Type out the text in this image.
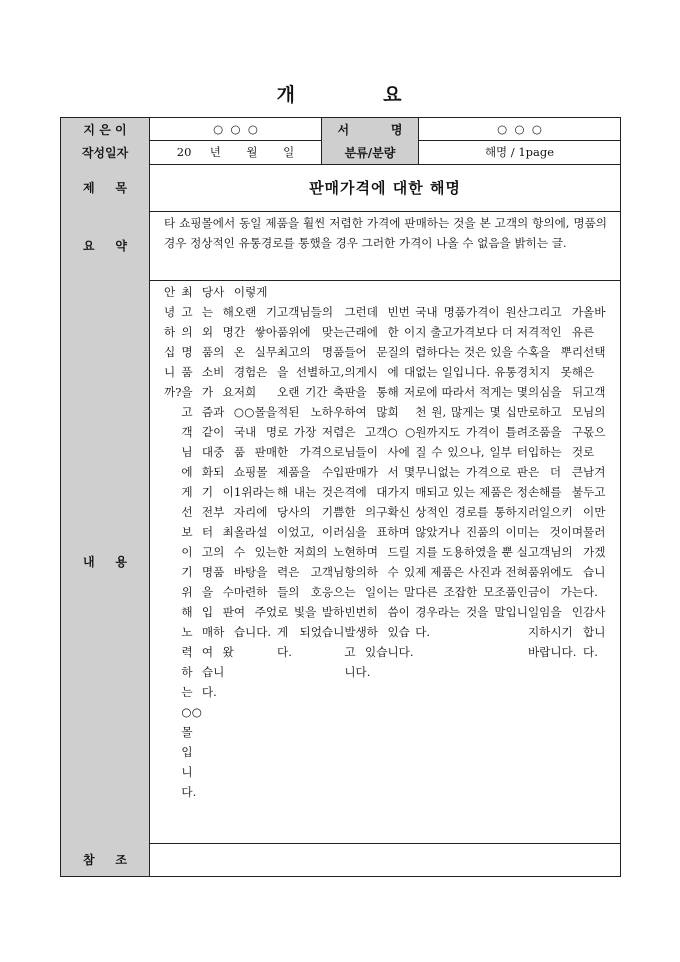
개          요
지 은 이	○  ○  ○	서          명	○  ○  ○
작성일자	20     년       월       일	분류/분량	해명 / 1page
제     목	판매가격에 대한 해명
요     약
타 쇼핑몰에서 동일 제품을 훨씬 저렴한 가격에 판매하는 것을 본 고객의 항의에, 명품의 경우 정상적인 유통경로를 통했을 경우 그러한 가격이 나올 수 없음을 밝히는 글.
내     용
안녕하십니까?
최고의 명품을 고객님에게 선보이기 위해 노력하는 ○○몰입니다.
당사는 해외 명품의 소비가 요즘과 같이 대중화되기 이전부터 최고의 명품을 수입 판매하여 왔습니다.
이렇게 오랜 기간 쌓아 온 실무 경험은 저희 ○○몰을 국내 명품 판매 쇼핑몰 1위라는 자리에 올라설 수 있는 바탕을 마련하여 주었습니다.
고객님들의 품위에 맞는 최고의 명품을 선별하고, 오랜 기간 축적된 노하우로 가장 저렴한 가격으로 제품을 수입해 내는 것은 당사의 기쁨이었고, 이러한 저희의 노력은 고객님들의 호응으로 빛을 발하게 되었습니다.
그런데 근래에 들어 문의게시판을 통하여 많은 고객님들이 판매가격에 대한 의구심을 표현하며 항의하는 일이 빈번히 발생하고 있습니다.
빈번한 이 질의에 대해 저희 ○○사에서 몇 가지 확신하며 드릴 수 있는 말씀이 있습니다.
국내 명품가격이 원산지 출고가격보다 더 저렴하다는 것은 있을 수 없는 일입니다. 유통경로에 따라서 적게는 몇 천 원, 많게는 몇 십만 원까지도 가격이 틀려질 수 있으나, 일부 터무니없는 가격으로 판매되고 있는 제품은 정상적인 경로를 통하지 않았거나 진품의 이미지를 도용하였을 뿐 실제 제품은 사진과 전혀 다른 조잡한 모조품인 경우라는 것을 말입니다.
그리고 가격적인 유혹을 뿌리치지 못해 의심을 뒤로하고 모조품을 구입하는 것은 더 큰 손해를 불러일으키는 것이며 고객님의 품위에도 금이 가는 일임을 인지하시기 바랍니다.
올바른 선택은 고객님의 몫으로 남겨두고 이만 물러가겠습니다. 감사합니다.
참     조
